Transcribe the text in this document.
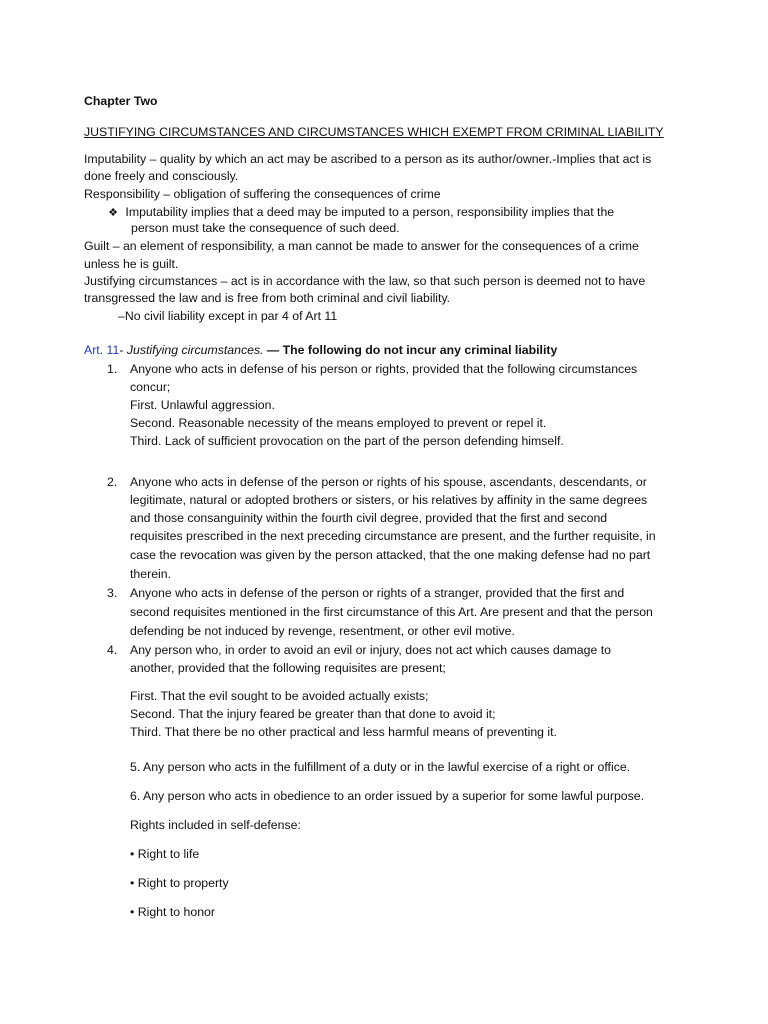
Chapter Two
JUSTIFYING CIRCUMSTANCES AND CIRCUMSTANCES WHICH EXEMPT FROM CRIMINAL LIABILITY
Imputability – quality by which an act may be ascribed to a person as its author/owner.-Implies that act is
done freely and consciously.
Responsibility – obligation of suffering the consequences of crime
❖ Imputability implies that a deed may be imputed to a person, responsibility implies that the
person must take the consequence of such deed.
Guilt – an element of responsibility, a man cannot be made to answer for the consequences of a crime
unless he is guilt.
Justifying circumstances – act is in accordance with the law, so that such person is deemed not to have
transgressed the law and is free from both criminal and civil liability.
–No civil liability except in par 4 of Art 11
Art. 11- Justifying circumstances. — The following do not incur any criminal liability
1. Anyone who acts in defense of his person or rights, provided that the following circumstances
concur;
First. Unlawful aggression.
Second. Reasonable necessity of the means employed to prevent or repel it.
Third. Lack of sufficient provocation on the part of the person defending himself.
2. Anyone who acts in defense of the person or rights of his spouse, ascendants, descendants, or
legitimate, natural or adopted brothers or sisters, or his relatives by affinity in the same degrees
and those consanguinity within the fourth civil degree, provided that the first and second
requisites prescribed in the next preceding circumstance are present, and the further requisite, in
case the revocation was given by the person attacked, that the one making defense had no part
therein.
3. Anyone who acts in defense of the person or rights of a stranger, provided that the first and
second requisites mentioned in the first circumstance of this Art. Are present and that the person
defending be not induced by revenge, resentment, or other evil motive.
4. Any person who, in order to avoid an evil or injury, does not act which causes damage to
another, provided that the following requisites are present;
First. That the evil sought to be avoided actually exists;
Second. That the injury feared be greater than that done to avoid it;
Third. That there be no other practical and less harmful means of preventing it.
5. Any person who acts in the fulfillment of a duty or in the lawful exercise of a right or office.
6. Any person who acts in obedience to an order issued by a superior for some lawful purpose.
Rights included in self-defense:
• Right to life
• Right to property
• Right to honor
